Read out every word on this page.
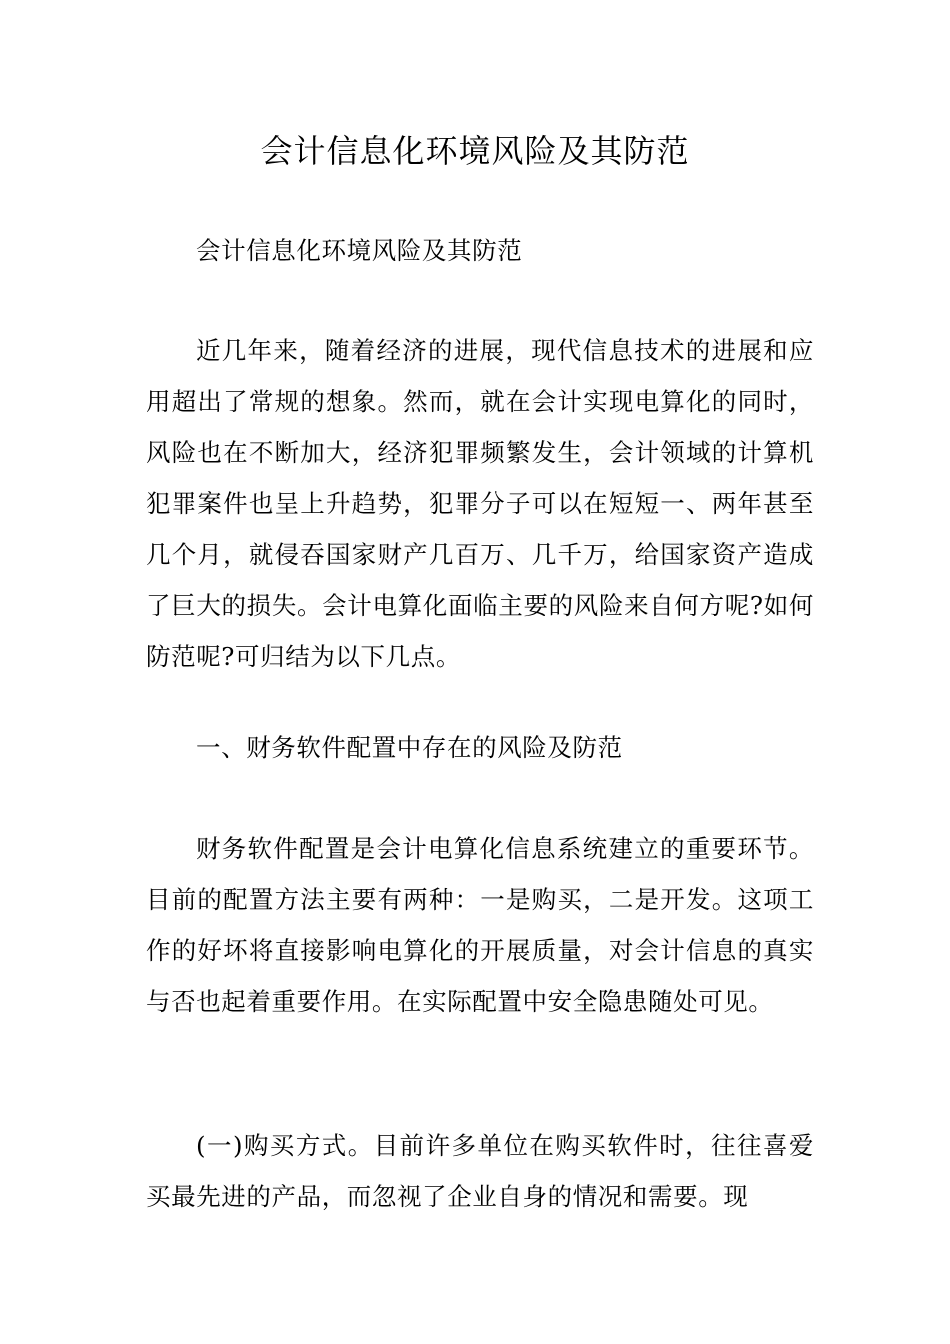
会计信息化环境风险及其防范

会计信息化环境风险及其防范

近几年来，随着经济的进展，现代信息技术的进展和应用超出了常规的想象。然而，就在会计实现电算化的同时，风险也在不断加大，经济犯罪频繁发生，会计领域的计算机犯罪案件也呈上升趋势，犯罪分子可以在短短一、两年甚至几个月，就侵吞国家财产几百万、几千万，给国家资产造成了巨大的损失。会计电算化面临主要的风险来自何方呢?如何防范呢?可归结为以下几点。

一、财务软件配置中存在的风险及防范

财务软件配置是会计电算化信息系统建立的重要环节。目前的配置方法主要有两种：一是购买，二是开发。这项工作的好坏将直接影响电算化的开展质量，对会计信息的真实与否也起着重要作用。在实际配置中安全隐患随处可见。

(一)购买方式。目前许多单位在购买软件时，往往喜爱买最先进的产品，而忽视了企业自身的情况和需要。现
